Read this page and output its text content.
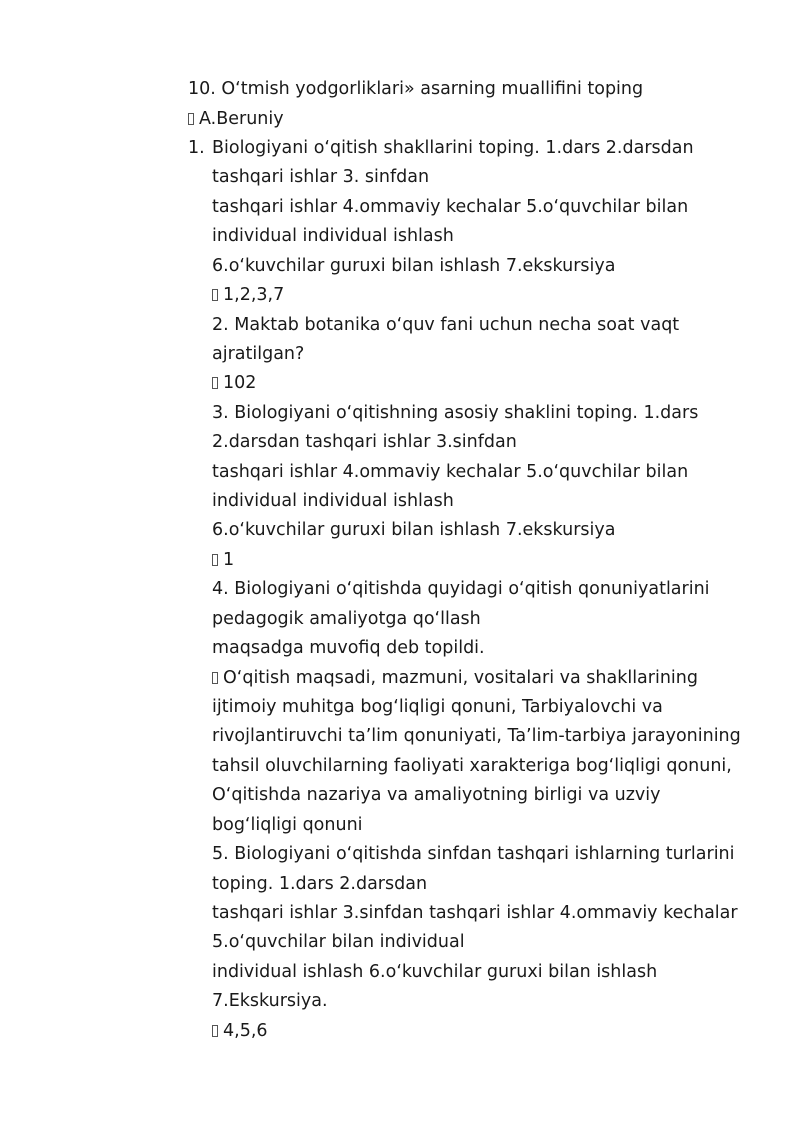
10. O‘tmish yodgorliklari» asarning muallifini toping
A.Beruniy
1. Biologiyani o‘qitish shakllarini toping. 1.dars 2.darsdan
tashqari ishlar 3. sinfdan
tashqari ishlar 4.ommaviy kechalar 5.o‘quvchilar bilan
individual individual ishlash
6.o‘kuvchilar guruxi bilan ishlash 7.ekskursiya
1,2,3,7
2. Maktab botanika o‘quv fani uchun necha soat vaqt
ajratilgan?
102
3. Biologiyani o‘qitishning asosiy shaklini toping. 1.dars
2.darsdan tashqari ishlar 3.sinfdan
tashqari ishlar 4.ommaviy kechalar 5.o‘quvchilar bilan
individual individual ishlash
6.o‘kuvchilar guruxi bilan ishlash 7.ekskursiya
1
4. Biologiyani o‘qitishda quyidagi o‘qitish qonuniyatlarini
pedagogik amaliyotga qo‘llash
maqsadga muvofiq deb topildi.
O‘qitish maqsadi, mazmuni, vositalari va shakllarining
ijtimoiy muhitga bog‘liqligi qonuni, Tarbiyalovchi va
rivojlantiruvchi ta’lim qonuniyati, Ta’lim-tarbiya jarayonining
tahsil oluvchilarning faoliyati xarakteriga bog‘liqligi qonuni,
O‘qitishda nazariya va amaliyotning birligi va uzviy
bog‘liqligi qonuni
5. Biologiyani o‘qitishda sinfdan tashqari ishlarning turlarini
toping. 1.dars 2.darsdan
tashqari ishlar 3.sinfdan tashqari ishlar 4.ommaviy kechalar
5.o‘quvchilar bilan individual
individual ishlash 6.o‘kuvchilar guruxi bilan ishlash
7.Ekskursiya.
4,5,6
